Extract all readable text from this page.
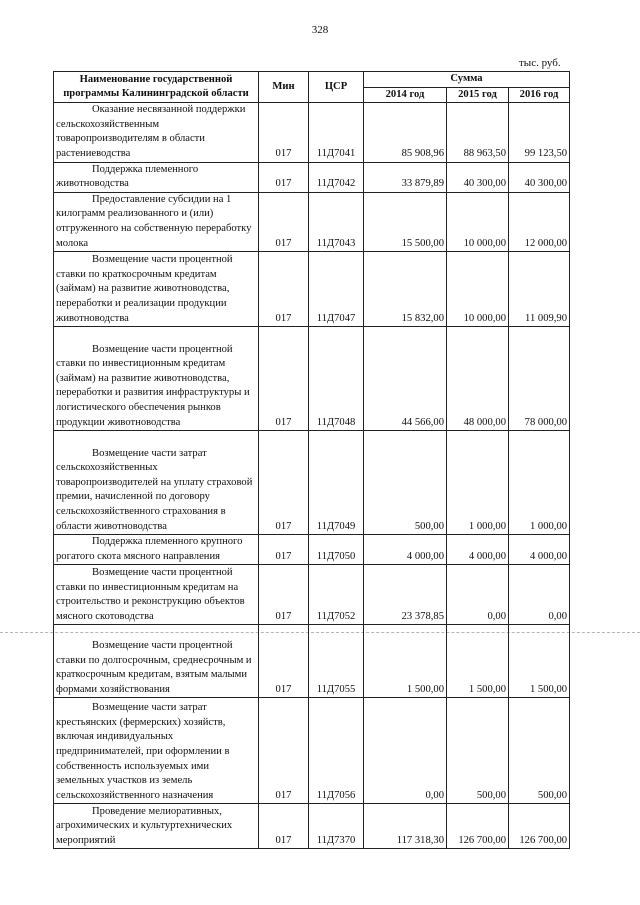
328
тыс. руб.
Наименование государственной программы Калининградской области	Мин	ЦСР	Сумма		
			2014 год	2015 год	2016 год

Оказание несвязанной поддержки
сельскохозяйственным товаропроизводителям в области растениеводства	017	11Д7041	85 908,96	88 963,50	99 123,50

Поддержка племенного
животноводства	017	11Д7042	33 879,89	40 300,00	40 300,00

Предоставление субсидии на 1
килограмм реализованного и (или) отгруженного на собственную переработку молока	017	11Д7043	15 500,00	10 000,00	12 000,00

Возмещение части процентной
ставки по краткосрочным кредитам (займам) на развитие животноводства, переработки и реализации продукции животноводства	017	11Д7047	15 832,00	10 000,00	11 009,90

Возмещение части процентной
ставки по инвестиционным кредитам (займам) на развитие животноводства, переработки и развития инфраструктуры и логистического обеспечения рынков продукции животноводства	017	11Д7048	44 566,00	48 000,00	78 000,00

Возмещение части затрат
сельскохозяйственных товаропроизводителей на уплату страховой премии, начисленной по договору сельскохозяйственного страхования в области животноводства	017	11Д7049	500,00	1 000,00	1 000,00

Поддержка племенного крупного
рогатого скота мясного направления	017	11Д7050	4 000,00	4 000,00	4 000,00

Возмещение части процентной
ставки по инвестиционным кредитам на строительство и реконструкцию объектов мясного скотоводства	017	11Д7052	23 378,85	0,00	0,00

Возмещение части процентной
ставки по долгосрочным, среднесрочным и краткосрочным кредитам, взятым малыми формами хозяйствования	017	11Д7055	1 500,00	1 500,00	1 500,00

Возмещение части затрат
крестьянских (фермерских) хозяйств, включая индивидуальных предпринимателей, при оформлении в собственность используемых ими земельных участков из земель сельскохозяйственного назначения	017	11Д7056	0,00	500,00	500,00

Проведение мелиоративных,
агрохимических и культуртехнических мероприятий	017	11Д7370	117 318,30	126 700,00	126 700,00
